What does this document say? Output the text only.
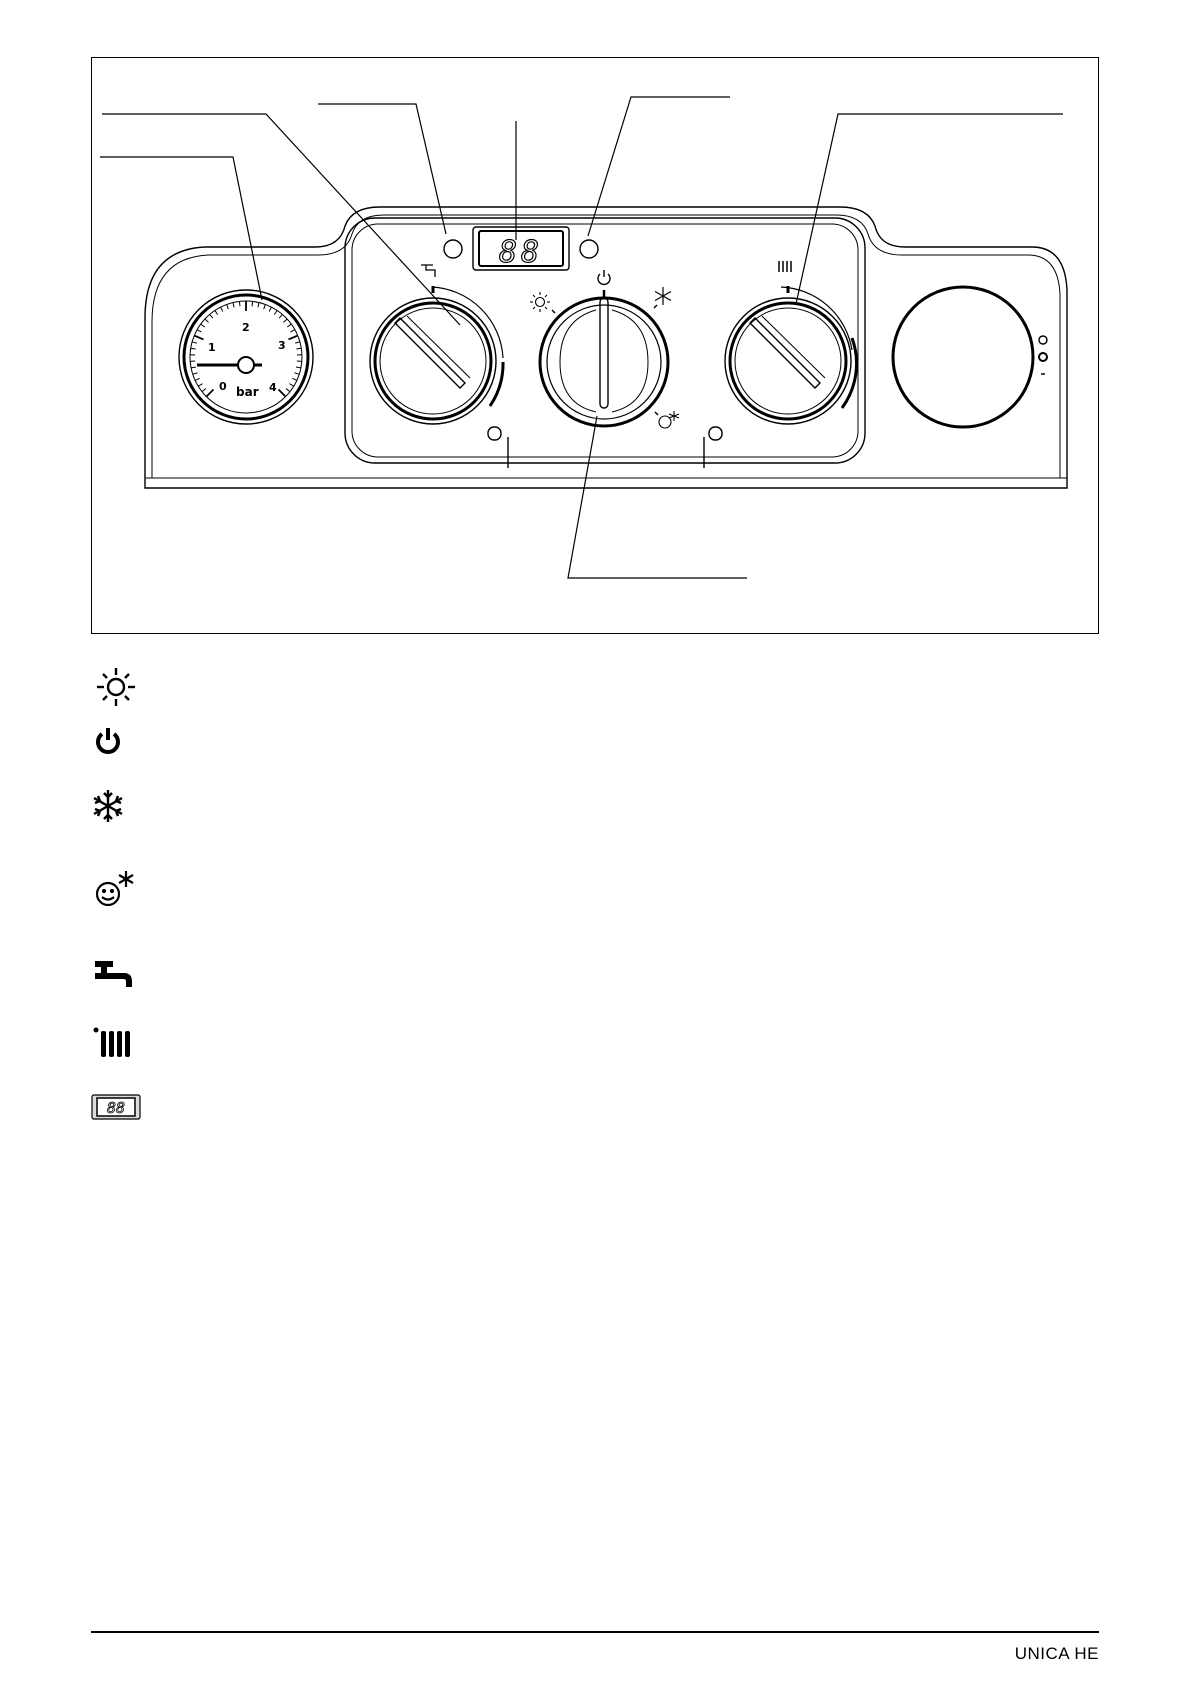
0
1
2
3
4
bar
88
88
UNICA HE
